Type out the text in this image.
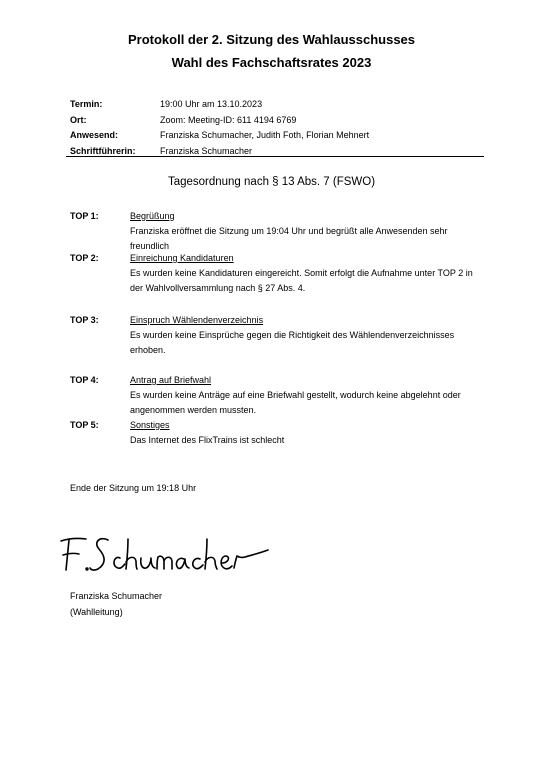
Protokoll der 2. Sitzung des Wahlausschusses
Wahl des Fachschaftsrates 2023
Termin:	19:00 Uhr am 13.10.2023
Ort:	Zoom: Meeting-ID: 611 4194 6769
Anwesend:	Franziska Schumacher, Judith Foth, Florian Mehnert
Schriftführerin:	Franziska Schumacher
Tagesordnung nach § 13 Abs. 7 (FSWO)
TOP 1:	Begrüßung
Franziska eröffnet die Sitzung um 19:04 Uhr und begrüßt alle Anwesenden sehr freundlich
TOP 2:	Einreichung Kandidaturen
Es wurden keine Kandidaturen eingereicht. Somit erfolgt die Aufnahme unter TOP 2 in der Wahlvollversammlung nach § 27 Abs. 4.
TOP 3:	Einspruch Wählendenverzeichnis
Es wurden keine Einsprüche gegen die Richtigkeit des Wählendenverzeichnisses erhoben.
TOP 4:	Antrag auf Briefwahl
Es wurden keine Anträge auf eine Briefwahl gestellt, wodurch keine abgelehnt oder angenommen werden mussten.
TOP 5:	Sonstiges
Das Internet des FlixTrains ist schlecht
Ende der Sitzung um 19:18 Uhr
Franziska Schumacher
(Wahlleitung)
